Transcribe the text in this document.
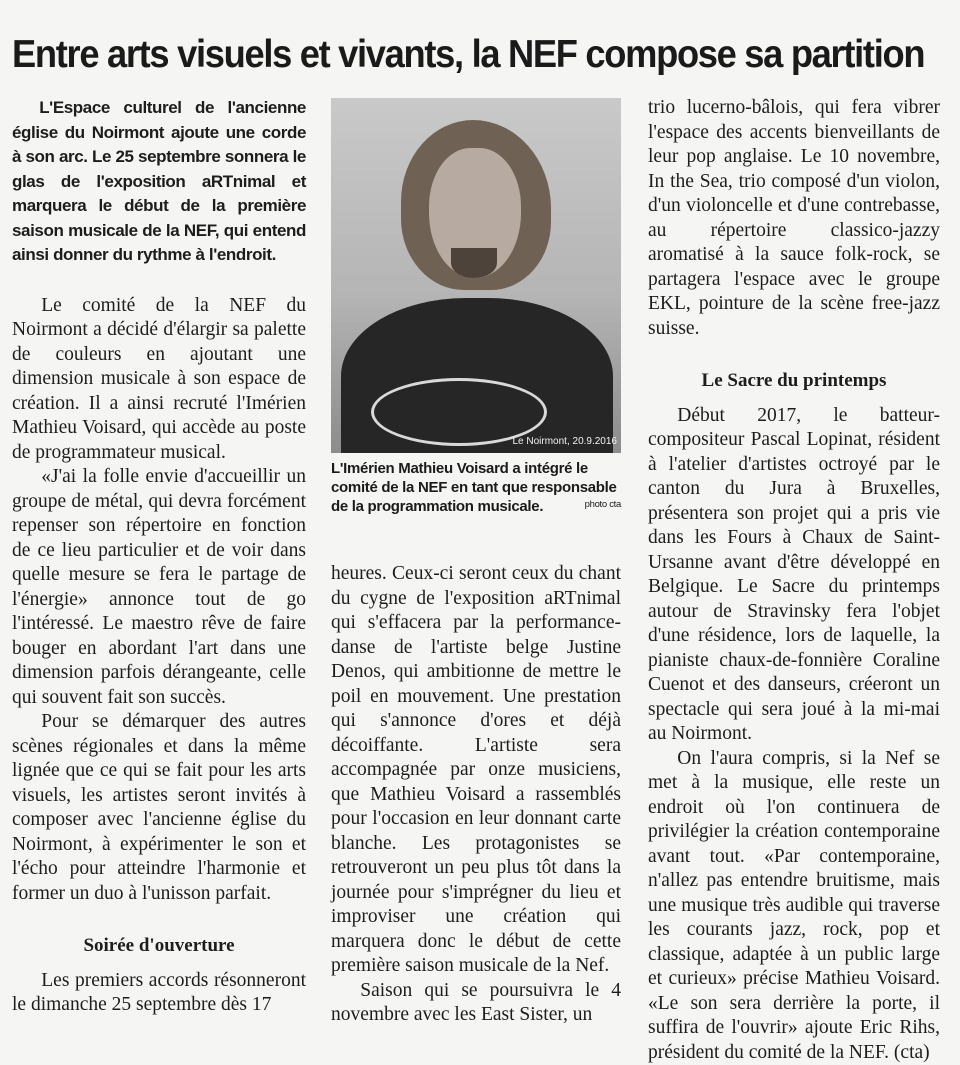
Entre arts visuels et vivants, la NEF compose sa partition

L'Espace culturel de l'ancienne église du Noirmont ajoute une corde à son arc. Le 25 septembre sonnera le glas de l'exposition aRTnimal et marquera le début de la première saison musicale de la NEF, qui entend ainsi donner du rythme à l'endroit.

Le comité de la NEF du Noirmont a décidé d'élargir sa palette de couleurs en ajoutant une dimension musicale à son espace de création. Il a ainsi recruté l'Imérien Mathieu Voisard, qui accède au poste de programmateur musical.

«J'ai la folle envie d'accueillir un groupe de métal, qui devra forcément repenser son répertoire en fonction de ce lieu particulier et de voir dans quelle mesure se fera le partage de l'énergie» annonce tout de go l'intéressé. Le maestro rêve de faire bouger en abordant l'art dans une dimension parfois dérangeante, celle qui souvent fait son succès.

Pour se démarquer des autres scènes régionales et dans la même lignée que ce qui se fait pour les arts visuels, les artistes seront invités à composer avec l'ancienne église du Noirmont, à expérimenter le son et l'écho pour atteindre l'harmonie et former un duo à l'unisson parfait.

Soirée d'ouverture

Les premiers accords résonneront le dimanche 25 septembre dès 17

Le Noirmont, 20.9.2016
L'Imérien Mathieu Voisard a intégré le comité de la NEF en tant que responsable de la programmation musicale.	photo cta

heures. Ceux-ci seront ceux du chant du cygne de l'exposition aRTnimal qui s'effacera par la performance-danse de l'artiste belge Justine Denos, qui ambitionne de mettre le poil en mouvement. Une prestation qui s'annonce d'ores et déjà décoiffante. L'artiste sera accompagnée par onze musiciens, que Mathieu Voisard a rassemblés pour l'occasion en leur donnant carte blanche. Les protagonistes se retrouveront un peu plus tôt dans la journée pour s'imprégner du lieu et improviser une création qui marquera donc le début de cette première saison musicale de la Nef.

Saison qui se poursuivra le 4 novembre avec les East Sister, un

trio lucerno-bâlois, qui fera vibrer l'espace des accents bienveillants de leur pop anglaise. Le 10 novembre, In the Sea, trio composé d'un violon, d'un violoncelle et d'une contrebasse, au répertoire classico-jazzy aromatisé à la sauce folk-rock, se partagera l'espace avec le groupe EKL, pointure de la scène free-jazz suisse.

Le Sacre du printemps

Début 2017, le batteur-compositeur Pascal Lopinat, résident à l'atelier d'artistes octroyé par le canton du Jura à Bruxelles, présentera son projet qui a pris vie dans les Fours à Chaux de Saint-Ursanne avant d'être développé en Belgique. Le Sacre du printemps autour de Stravinsky fera l'objet d'une résidence, lors de laquelle, la pianiste chaux-de-fonnière Coraline Cuenot et des danseurs, créeront un spectacle qui sera joué à la mi-mai au Noirmont.

On l'aura compris, si la Nef se met à la musique, elle reste un endroit où l'on continuera de privilégier la création contemporaine avant tout. «Par contemporaine, n'allez pas entendre bruitisme, mais une musique très audible qui traverse les courants jazz, rock, pop et classique, adaptée à un public large et curieux» précise Mathieu Voisard. «Le son sera derrière la porte, il suffira de l'ouvrir» ajoute Eric Rihs, président du comité de la NEF. (cta)
